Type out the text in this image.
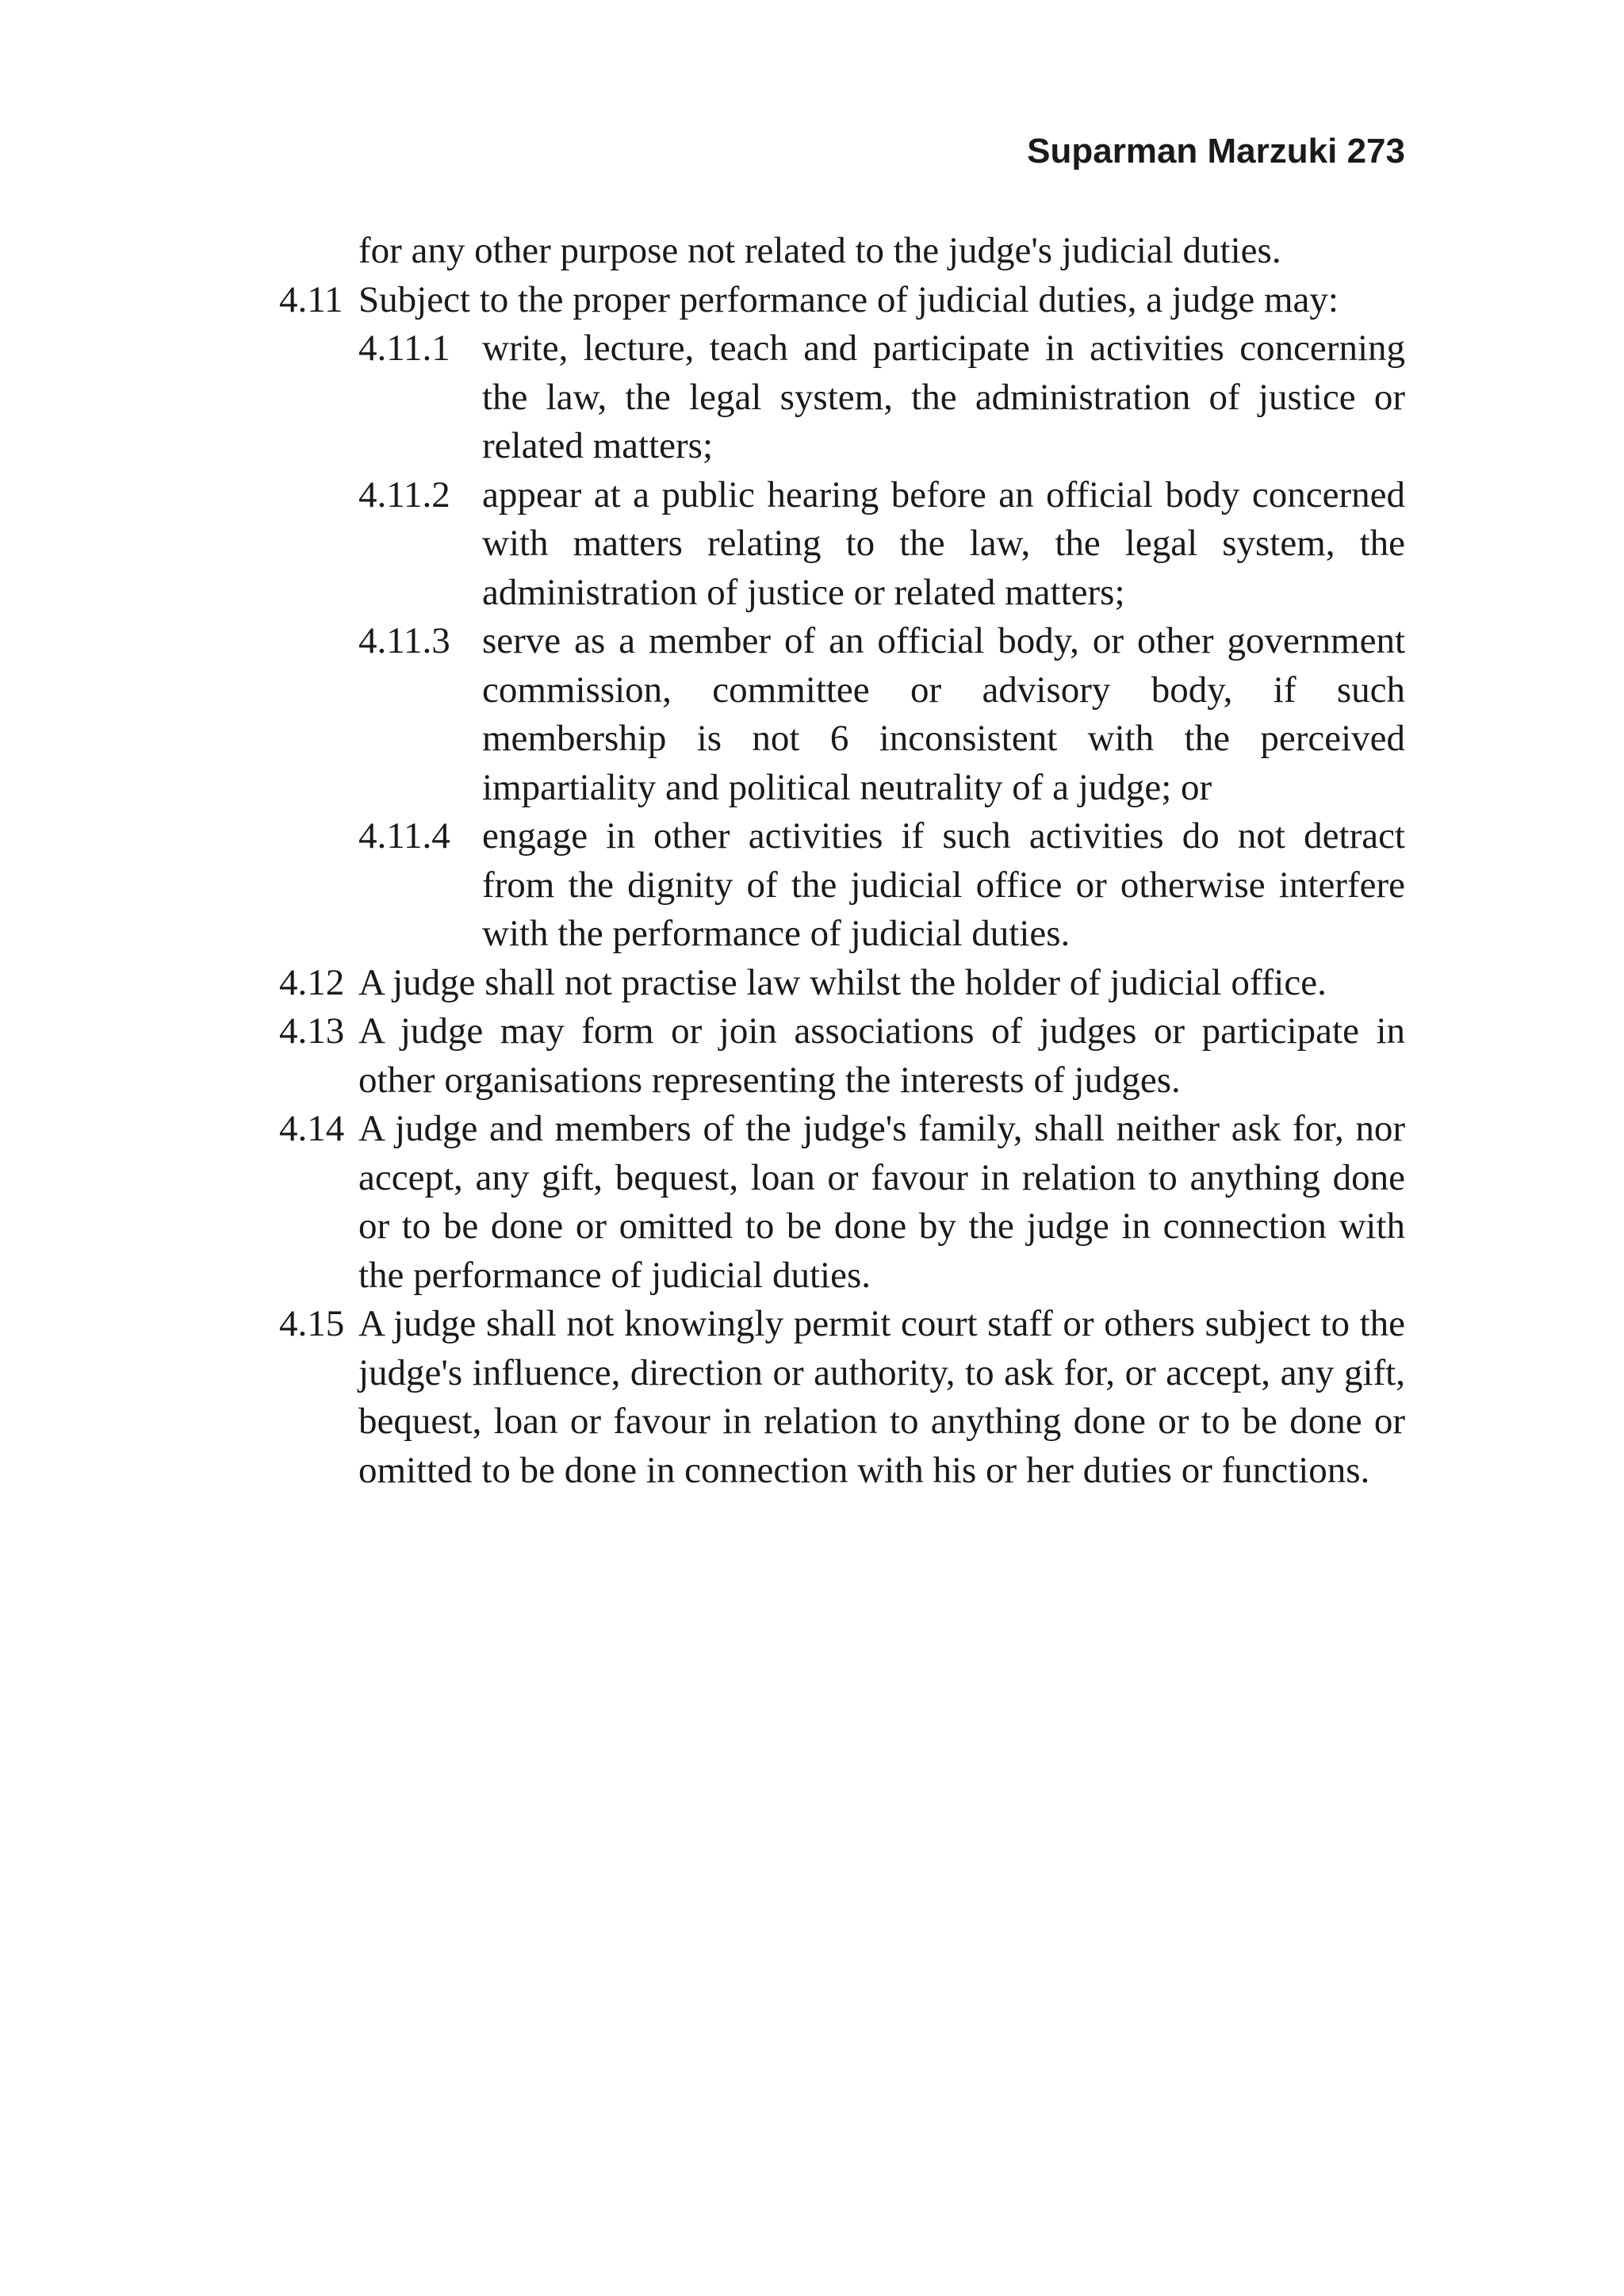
Suparman Marzuki 273

for any other purpose not related to the judge's judicial duties.

4.11 Subject to the proper performance of judicial duties, a judge may:
4.11.1 write, lecture, teach and participate in activities concerning the law, the legal system, the administration of justice or related matters;
4.11.2 appear at a public hearing before an official body concerned with matters relating to the law, the legal system, the administration of justice or related matters;
4.11.3 serve as a member of an official body, or other government commission, committee or advisory body, if such membership is not 6 inconsistent with the perceived impartiality and political neutrality of a judge; or
4.11.4 engage in other activities if such activities do not detract from the dignity of the judicial office or otherwise interfere with the performance of judicial duties.
4.12 A judge shall not practise law whilst the holder of judicial office.
4.13 A judge may form or join associations of judges or participate in other organisations representing the interests of judges.
4.14 A judge and members of the judge's family, shall neither ask for, nor accept, any gift, bequest, loan or favour in relation to anything done or to be done or omitted to be done by the judge in connection with the performance of judicial duties.
4.15 A judge shall not knowingly permit court staff or others subject to the judge's influence, direction or authority, to ask for, or accept, any gift, bequest, loan or favour in relation to anything done or to be done or omitted to be done in connection with his or her duties or functions.
